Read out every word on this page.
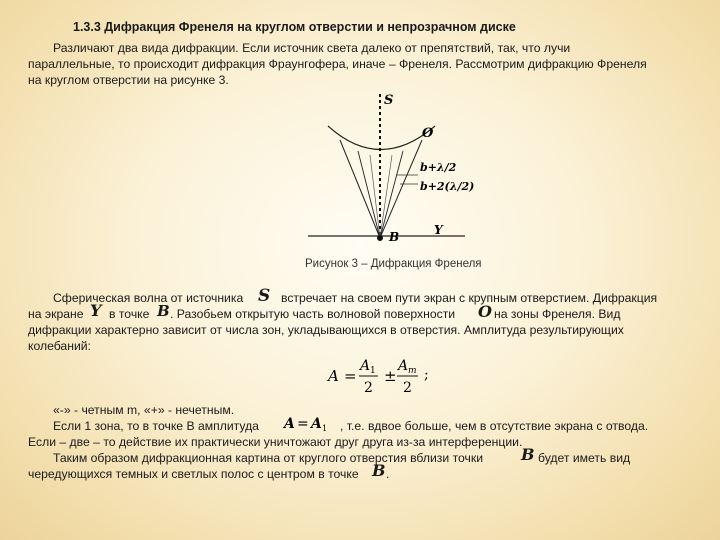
1.3.3 Дифракция Френеля на круглом отверстии и непрозрачном диске
Различают два вида дифракции. Если источник света далеко от препятствий, так, что лучи
параллельные, то происходит дифракция Фраунгофера, иначе – Френеля. Рассмотрим дифракцию Френеля
на круглом отверстии на рисунке 3.
S
O
b+λ/2
b+2(λ/2)
B	Y
Рисунок 3 – Дифракция Френеля
Сферическая волна от источника S встречает на своем пути экран с крупным отверстием. Дифракция
на экране Y в точке B . Разобьем открытую часть волновой поверхности O на зоны Френеля. Вид
дифракции характерно зависит от числа зон, укладывающихся в отверстия. Амплитуда результирующих
колебаний:
A =
A 1
2
±
A m
2
;
«-» - четным m, «+» - нечетным.
Если 1 зона, то в точке B амплитуда A = A 1 , т.е. вдвое больше, чем в отсутствие экрана с отвода.
Если – две – то действие их практически уничтожают друг друга из-за интерференции.
Таким образом дифракционная картина от круглого отверстия вблизи точки B будет иметь вид
чередующихся темных и светлых полос с центром в точке B .
